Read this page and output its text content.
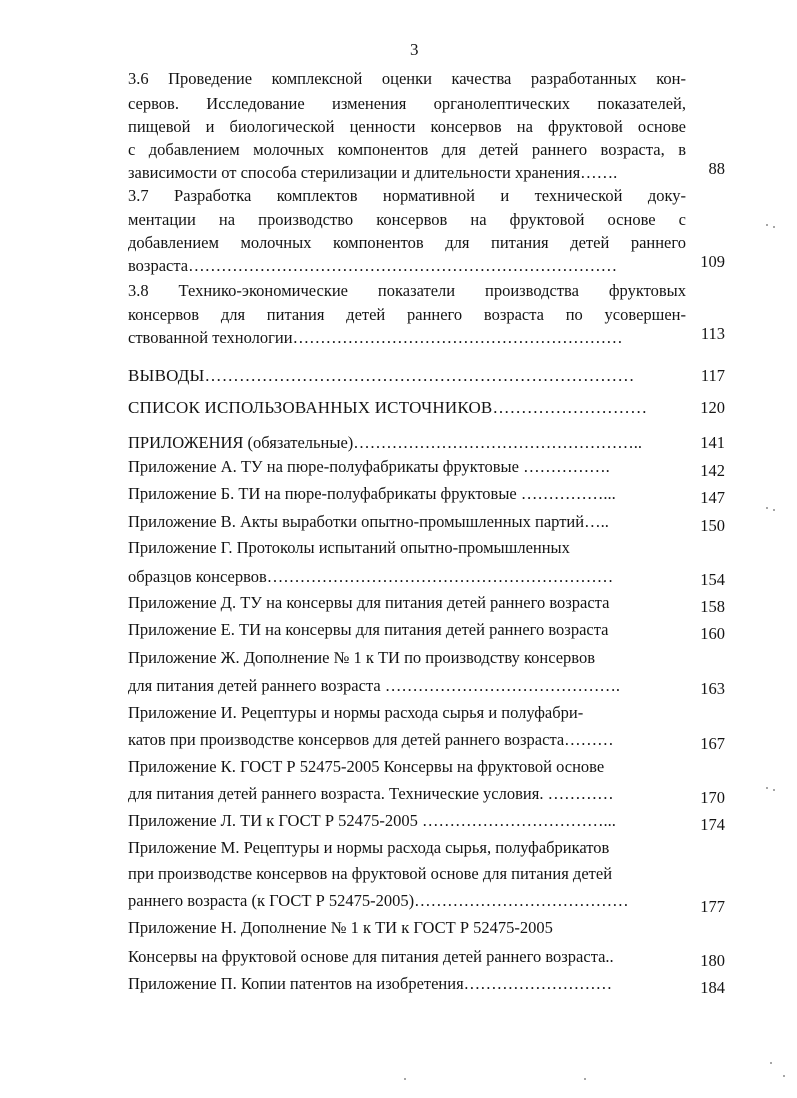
3
3.6 Проведение комплексной оценки качества разработанных кон-
сервов. Исследование изменения органолептических показателей,
пищевой и биологической ценности консервов на фруктовой основе
с добавлением молочных компонентов для детей раннего возраста, в
зависимости от способа стерилизации и длительности хранения…….	88
3.7 Разработка комплектов нормативной и технической доку-
ментации на производство консервов на фруктовой основе с
добавлением молочных компонентов для питания детей раннего
возраста……………………………………………………………………	109
3.8 Технико-экономические показатели производства фруктовых
консервов для питания детей раннего возраста по усовершен-
ствованной технологии……………………………………………………	113
ВЫВОДЫ…………………………………………………………………	117
СПИСОК ИСПОЛЬЗОВАННЫХ ИСТОЧНИКОВ………………………	120
ПРИЛОЖЕНИЯ (обязательные)……………………………………………..	141
Приложение А. ТУ на пюре-полуфабрикаты фруктовые …………….	142
Приложение Б. ТИ на пюре-полуфабрикаты фруктовые ……………...	147
Приложение В. Акты выработки опытно-промышленных партий…..	150
Приложение Г. Протоколы испытаний опытно-промышленных
образцов консервов………………………………………………………	154
Приложение Д. ТУ на консервы для питания детей раннего возраста	158
Приложение Е. ТИ на консервы для питания детей раннего возраста	160
Приложение Ж. Дополнение № 1 к ТИ по производству консервов
для питания детей раннего возраста …………………………………….	163
Приложение И. Рецептуры и нормы расхода сырья и полуфабри-
катов при производстве консервов для детей раннего возраста………	167
Приложение К. ГОСТ Р 52475-2005 Консервы на фруктовой основе
для питания детей раннего возраста. Технические условия. …………	170
Приложение Л. ТИ к ГОСТ Р 52475-2005 ……………………………...	174
Приложение М. Рецептуры и нормы расхода сырья, полуфабрикатов
при производстве консервов на фруктовой основе для питания детей
раннего возраста (к ГОСТ Р 52475-2005)…………………………………	177
Приложение Н. Дополнение № 1 к ТИ к ГОСТ Р 52475-2005
Консервы на фруктовой основе для питания детей раннего возраста..	180
Приложение П. Копии патентов на изобретения………………………	184
